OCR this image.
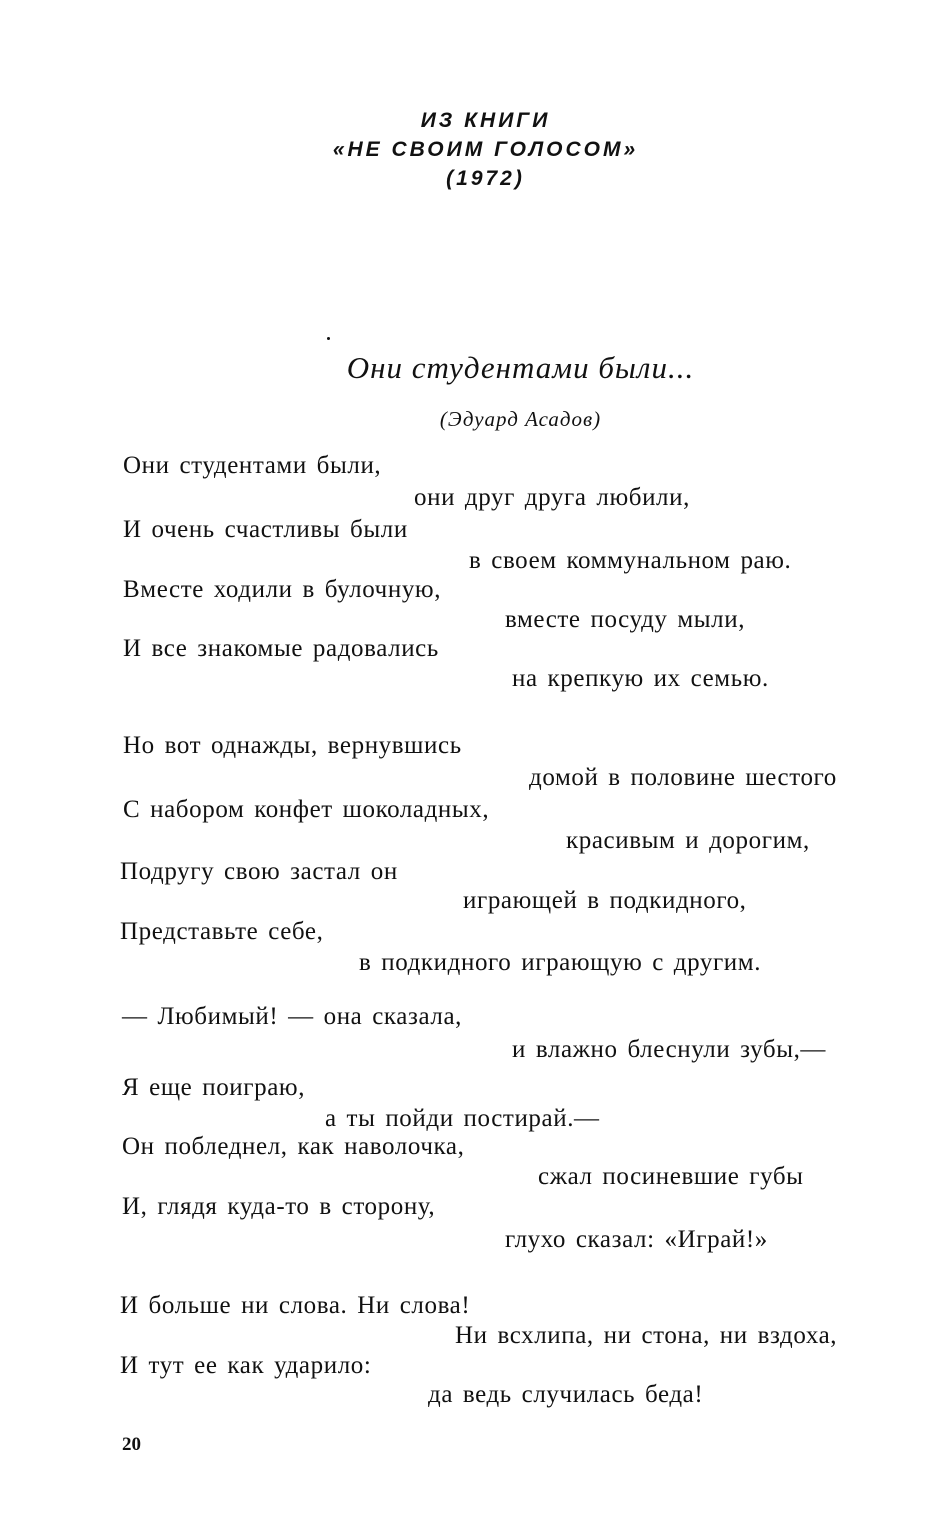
ИЗ КНИГИ
«НЕ СВОИМ ГОЛОСОМ»
(1972)
Они студентами были...
(Эдуард Асадов)
Они студентами были,
они друг друга любили,
И очень счастливы были
в своем коммунальном раю.
Вместе ходили в булочную,
вместе посуду мыли,
И все знакомые радовались
на крепкую их семью.
Но вот однажды, вернувшись
домой в половине шестого
С набором конфет шоколадных,
красивым и дорогим,
Подругу свою застал он
играющей в подкидного,
Представьте себе,
в подкидного играющую с другим.
— Любимый! — она сказала,
и влажно блеснули зубы,—
Я еще поиграю,
а ты пойди постирай.—
Он побледнел, как наволочка,
сжал посиневшие губы
И, глядя куда-то в сторону,
глухо сказал: «Играй!»
И больше ни слова. Ни слова!
Ни всхлипа, ни стона, ни вздоха,
И тут ее как ударило:
да ведь случилась беда!
20
